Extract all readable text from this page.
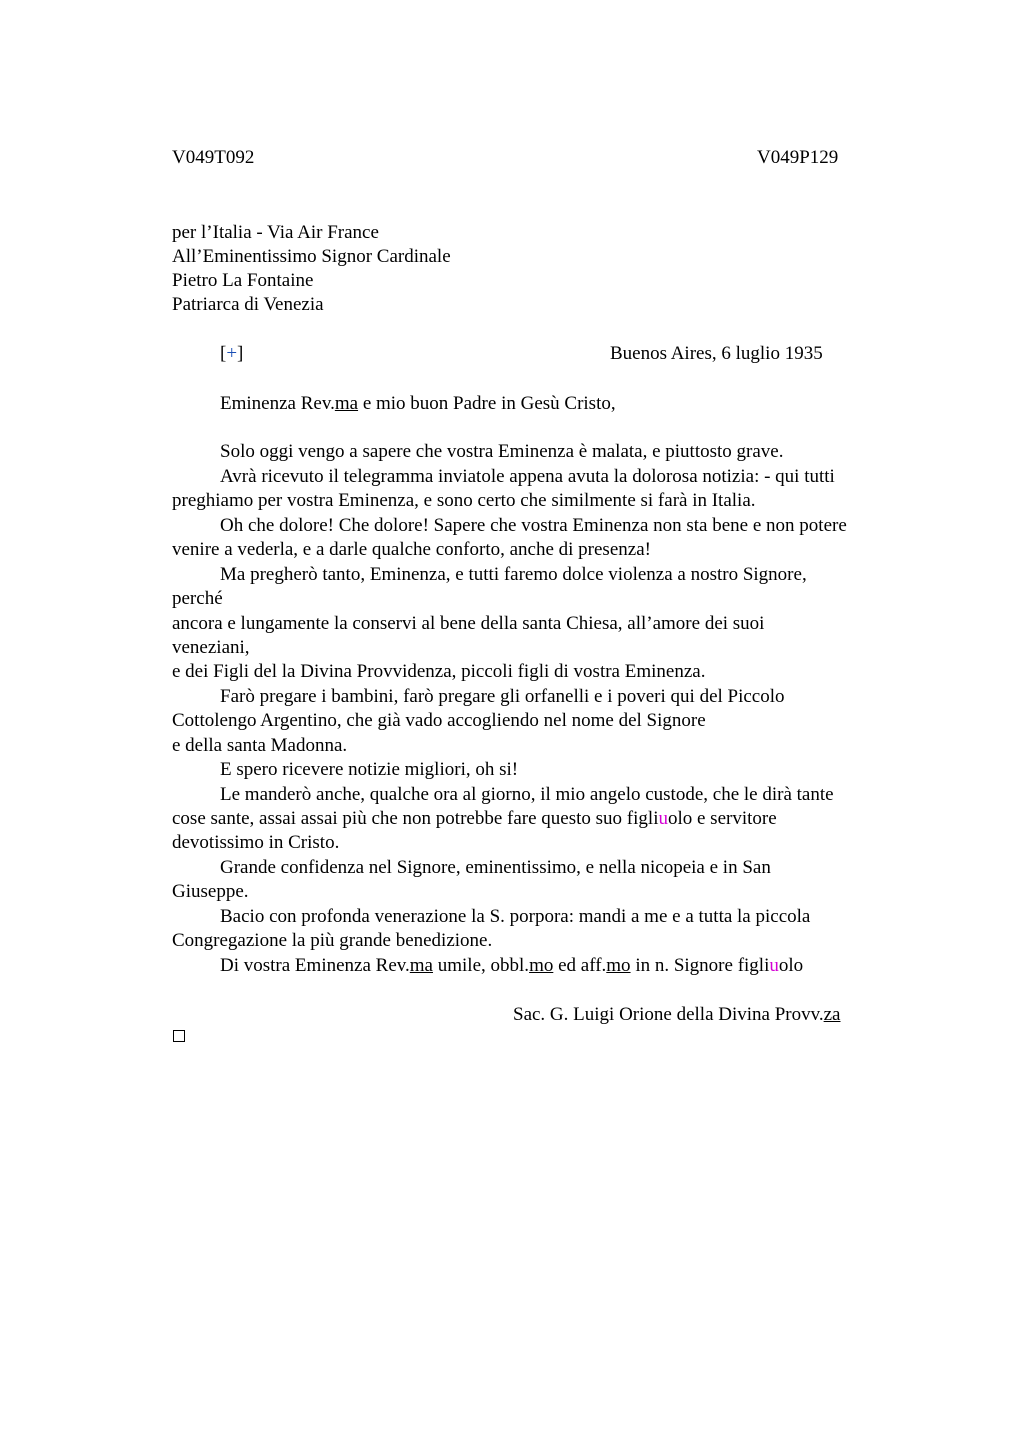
V049T092	V049P129
per l’Italia - Via Air France
All’Eminentissimo Signor Cardinale
Pietro La Fontaine
Patriarca di Venezia
[+]	Buenos Aires, 6 luglio 1935
Eminenza Rev.ma e mio buon Padre in Gesù Cristo,
Solo oggi vengo a sapere che vostra Eminenza è malata, e piuttosto grave.
Avrà ricevuto il telegramma inviatole appena avuta la dolorosa notizia: - qui tutti
preghiamo per vostra Eminenza, e sono certo che similmente si farà in Italia.
Oh che dolore! Che dolore! Sapere che vostra Eminenza non sta bene e non potere
venire a vederla, e a darle qualche conforto, anche di presenza!
Ma pregherò tanto, Eminenza, e tutti faremo dolce violenza a nostro Signore,
perché
ancora e lungamente la conservi al bene della santa Chiesa, all’amore dei suoi
veneziani,
e dei Figli del la Divina Provvidenza, piccoli figli di vostra Eminenza.
Farò pregare i bambini, farò pregare gli orfanelli e i poveri qui del Piccolo
Cottolengo Argentino, che già vado accogliendo nel nome del Signore
e della santa Madonna.
E spero ricevere notizie migliori, oh si!
Le manderò anche, qualche ora al giorno, il mio angelo custode, che le dirà tante
cose sante, assai assai più che non potrebbe fare questo suo figliuolo e servitore
devotissimo in Cristo.
Grande confidenza nel Signore, eminentissimo, e nella nicopeia e in San
Giuseppe.
Bacio con profonda venerazione la S. porpora: mandi a me e a tutta la piccola
Congregazione la più grande benedizione.
Di vostra Eminenza Rev.ma umile, obbl.mo ed aff.mo in n. Signore figliuolo
Sac. G. Luigi Orione della Divina Provv.za
